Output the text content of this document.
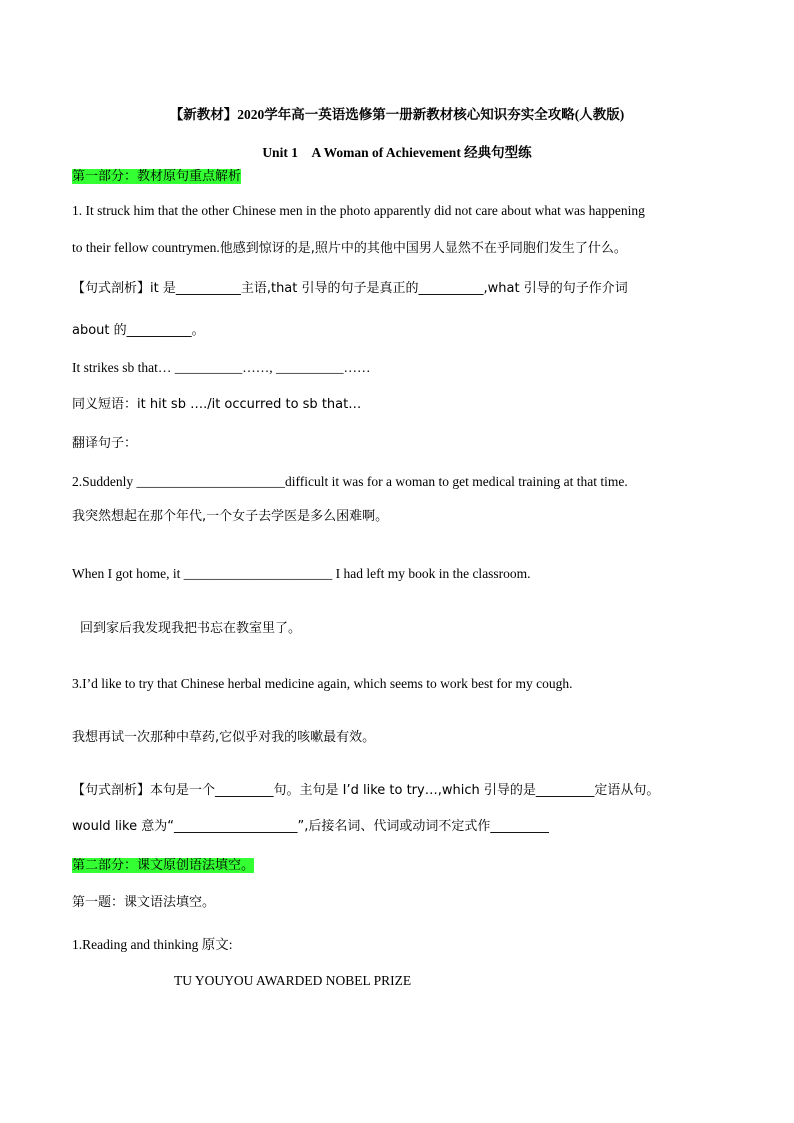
【新教材】2020学年高一英语选修第一册新教材核心知识夯实全攻略(人教版)
Unit 1　A Woman of Achievement 经典句型练
第一部分：教材原句重点解析
1. It struck him that the other Chinese men in the photo apparently did not care about what was happening
to their fellow countrymen.他感到惊讶的是,照片中的其他中国男人显然不在乎同胞们发生了什么。
【句式剖析】it 是__________主语,that 引导的句子是真正的__________,what 引导的句子作介词
about 的__________。
It strikes sb that… __________……, __________……
同义短语：it hit sb …./it occurred to sb that…
翻译句子：
2.Suddenly ______________________difficult it was for a woman to get medical training at that time.
我突然想起在那个年代,一个女子去学医是多么困难啊。
When I got home, it ______________________ I had left my book in the classroom.
回到家后我发现我把书忘在教室里了。
3.I’d like to try that Chinese herbal medicine again, which seems to work best for my cough.
我想再试一次那种中草药,它似乎对我的咳嗽最有效。
【句式剖析】本句是一个_________句。主句是 I’d like to try…,which 引导的是_________定语从句。
would like 意为“___________________”,后接名词、代词或动词不定式作_________
第二部分：课文原创语法填空。
第一题：课文语法填空。
1.Reading and thinking 原文:
TU YOUYOU AWARDED NOBEL PRIZE
